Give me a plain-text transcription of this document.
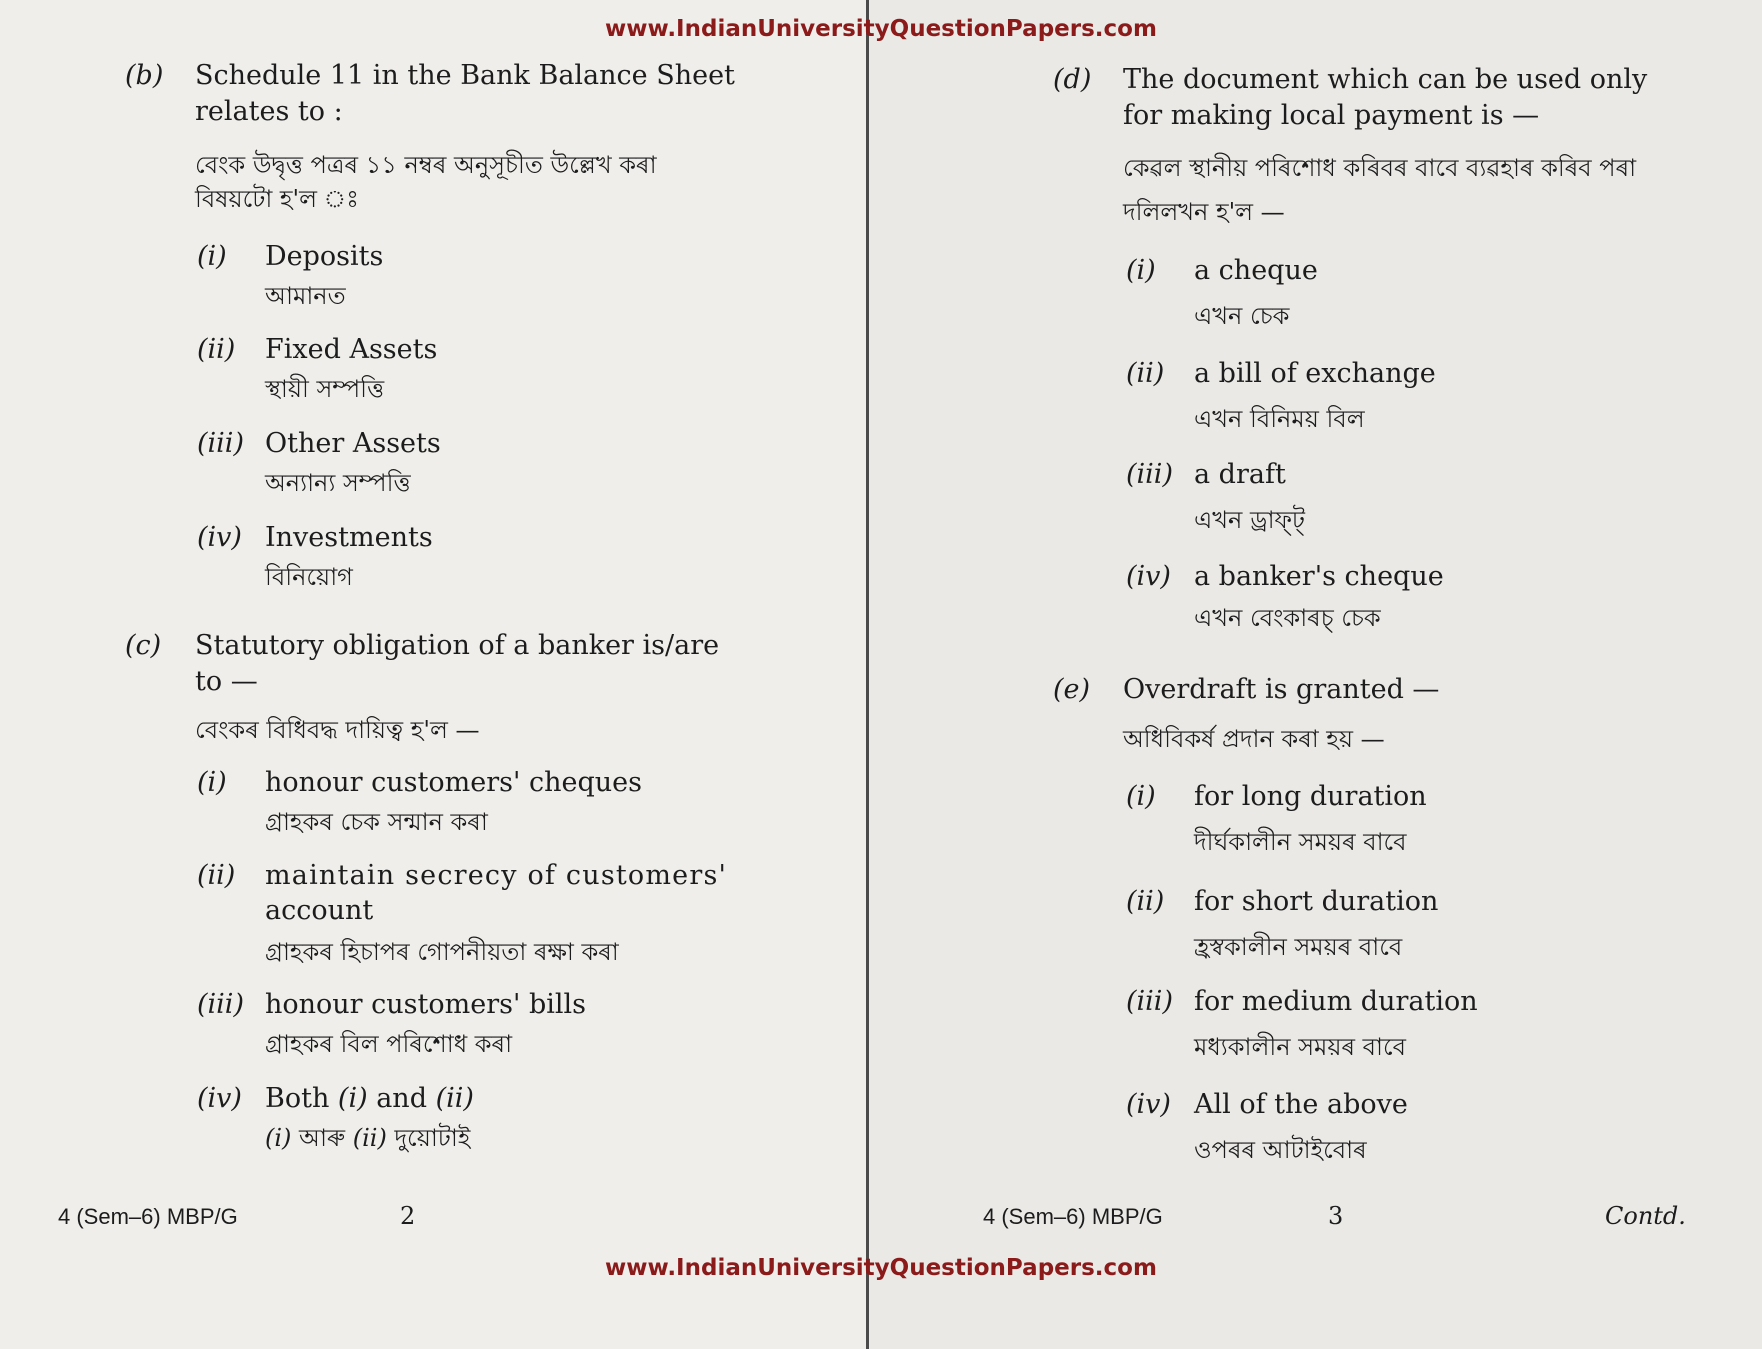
www.IndianUniversityQuestionPapers.com
(b) Schedule 11 in the Bank Balance Sheet
relates to :
বেংক উদ্বৃত্ত পত্ৰৰ ১১ নম্বৰ অনুসূচীত উল্লেখ কৰা
বিষয়টো হ'ল ঃ
(i) Deposits
আমানত
(ii) Fixed Assets
স্থায়ী সম্পত্তি
(iii) Other Assets
অন্যান্য সম্পত্তি
(iv) Investments
বিনিয়োগ
(c) Statutory obligation of a banker is/are
to —
বেংকৰ বিধিবদ্ধ দায়িত্ব হ'ল —
(i) honour customers' cheques
গ্ৰাহকৰ চেক সন্মান কৰা
(ii) maintain secrecy of customers'
account
গ্ৰাহকৰ হিচাপৰ গোপনীয়তা ৰক্ষা কৰা
(iii) honour customers' bills
গ্ৰাহকৰ বিল পৰিশোধ কৰা
(iv) Both (i) and (ii)
(i) আৰু (ii) দুয়োটাই
4 (Sem–6) MBP/G	2
(d) The document which can be used only
for making local payment is —
কেৱল স্থানীয় পৰিশোধ কৰিবৰ বাবে ব্যৱহাৰ কৰিব পৰা
দলিলখন হ'ল —
(i) a cheque
এখন চেক
(ii) a bill of exchange
এখন বিনিময় বিল
(iii) a draft
এখন ড্ৰাফ্‌ট্
(iv) a banker's cheque
এখন বেংকাৰচ্ চেক
(e) Overdraft is granted —
অধিবিকৰ্ষ প্ৰদান কৰা হয় —
(i) for long duration
দীৰ্ঘকালীন সময়ৰ বাবে
(ii) for short duration
হ্ৰস্বকালীন সময়ৰ বাবে
(iii) for medium duration
মধ্যকালীন সময়ৰ বাবে
(iv) All of the above
ওপৰৰ আটাইবোৰ
4 (Sem–6) MBP/G	3	Contd.
www.IndianUniversityQuestionPapers.com
